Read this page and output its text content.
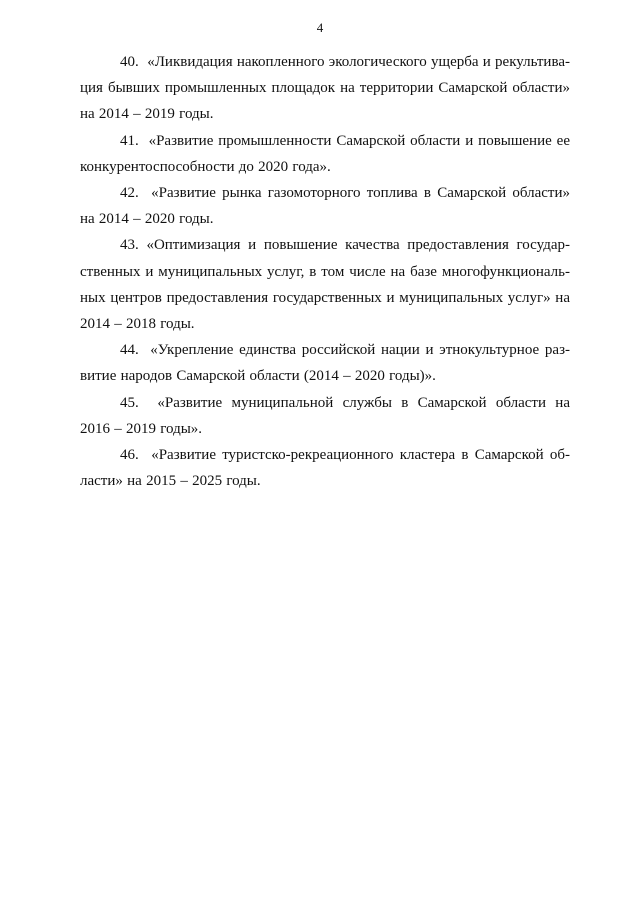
4

40.  «Ликвидация накопленного экологического ущерба и рекультивация бывших промышленных площадок на территории Самарской области» на 2014 – 2019 годы.

41.  «Развитие промышленности Самарской области и повышение ее конкурентоспособности до 2020 года».

42.  «Развитие рынка газомоторного топлива в Самарской области» на 2014 – 2020 годы.

43. «Оптимизация и повышение качества предоставления государственных и муниципальных услуг, в том числе на базе многофункциональных центров предоставления государственных и муниципальных услуг» на 2014 – 2018 годы.

44.  «Укрепление единства российской нации и этнокультурное развитие народов Самарской области (2014 – 2020 годы)».

45.  «Развитие муниципальной службы в Самарской области на 2016 – 2019 годы».

46.  «Развитие туристско-рекреационного кластера в Самарской области» на 2015 – 2025 годы.
